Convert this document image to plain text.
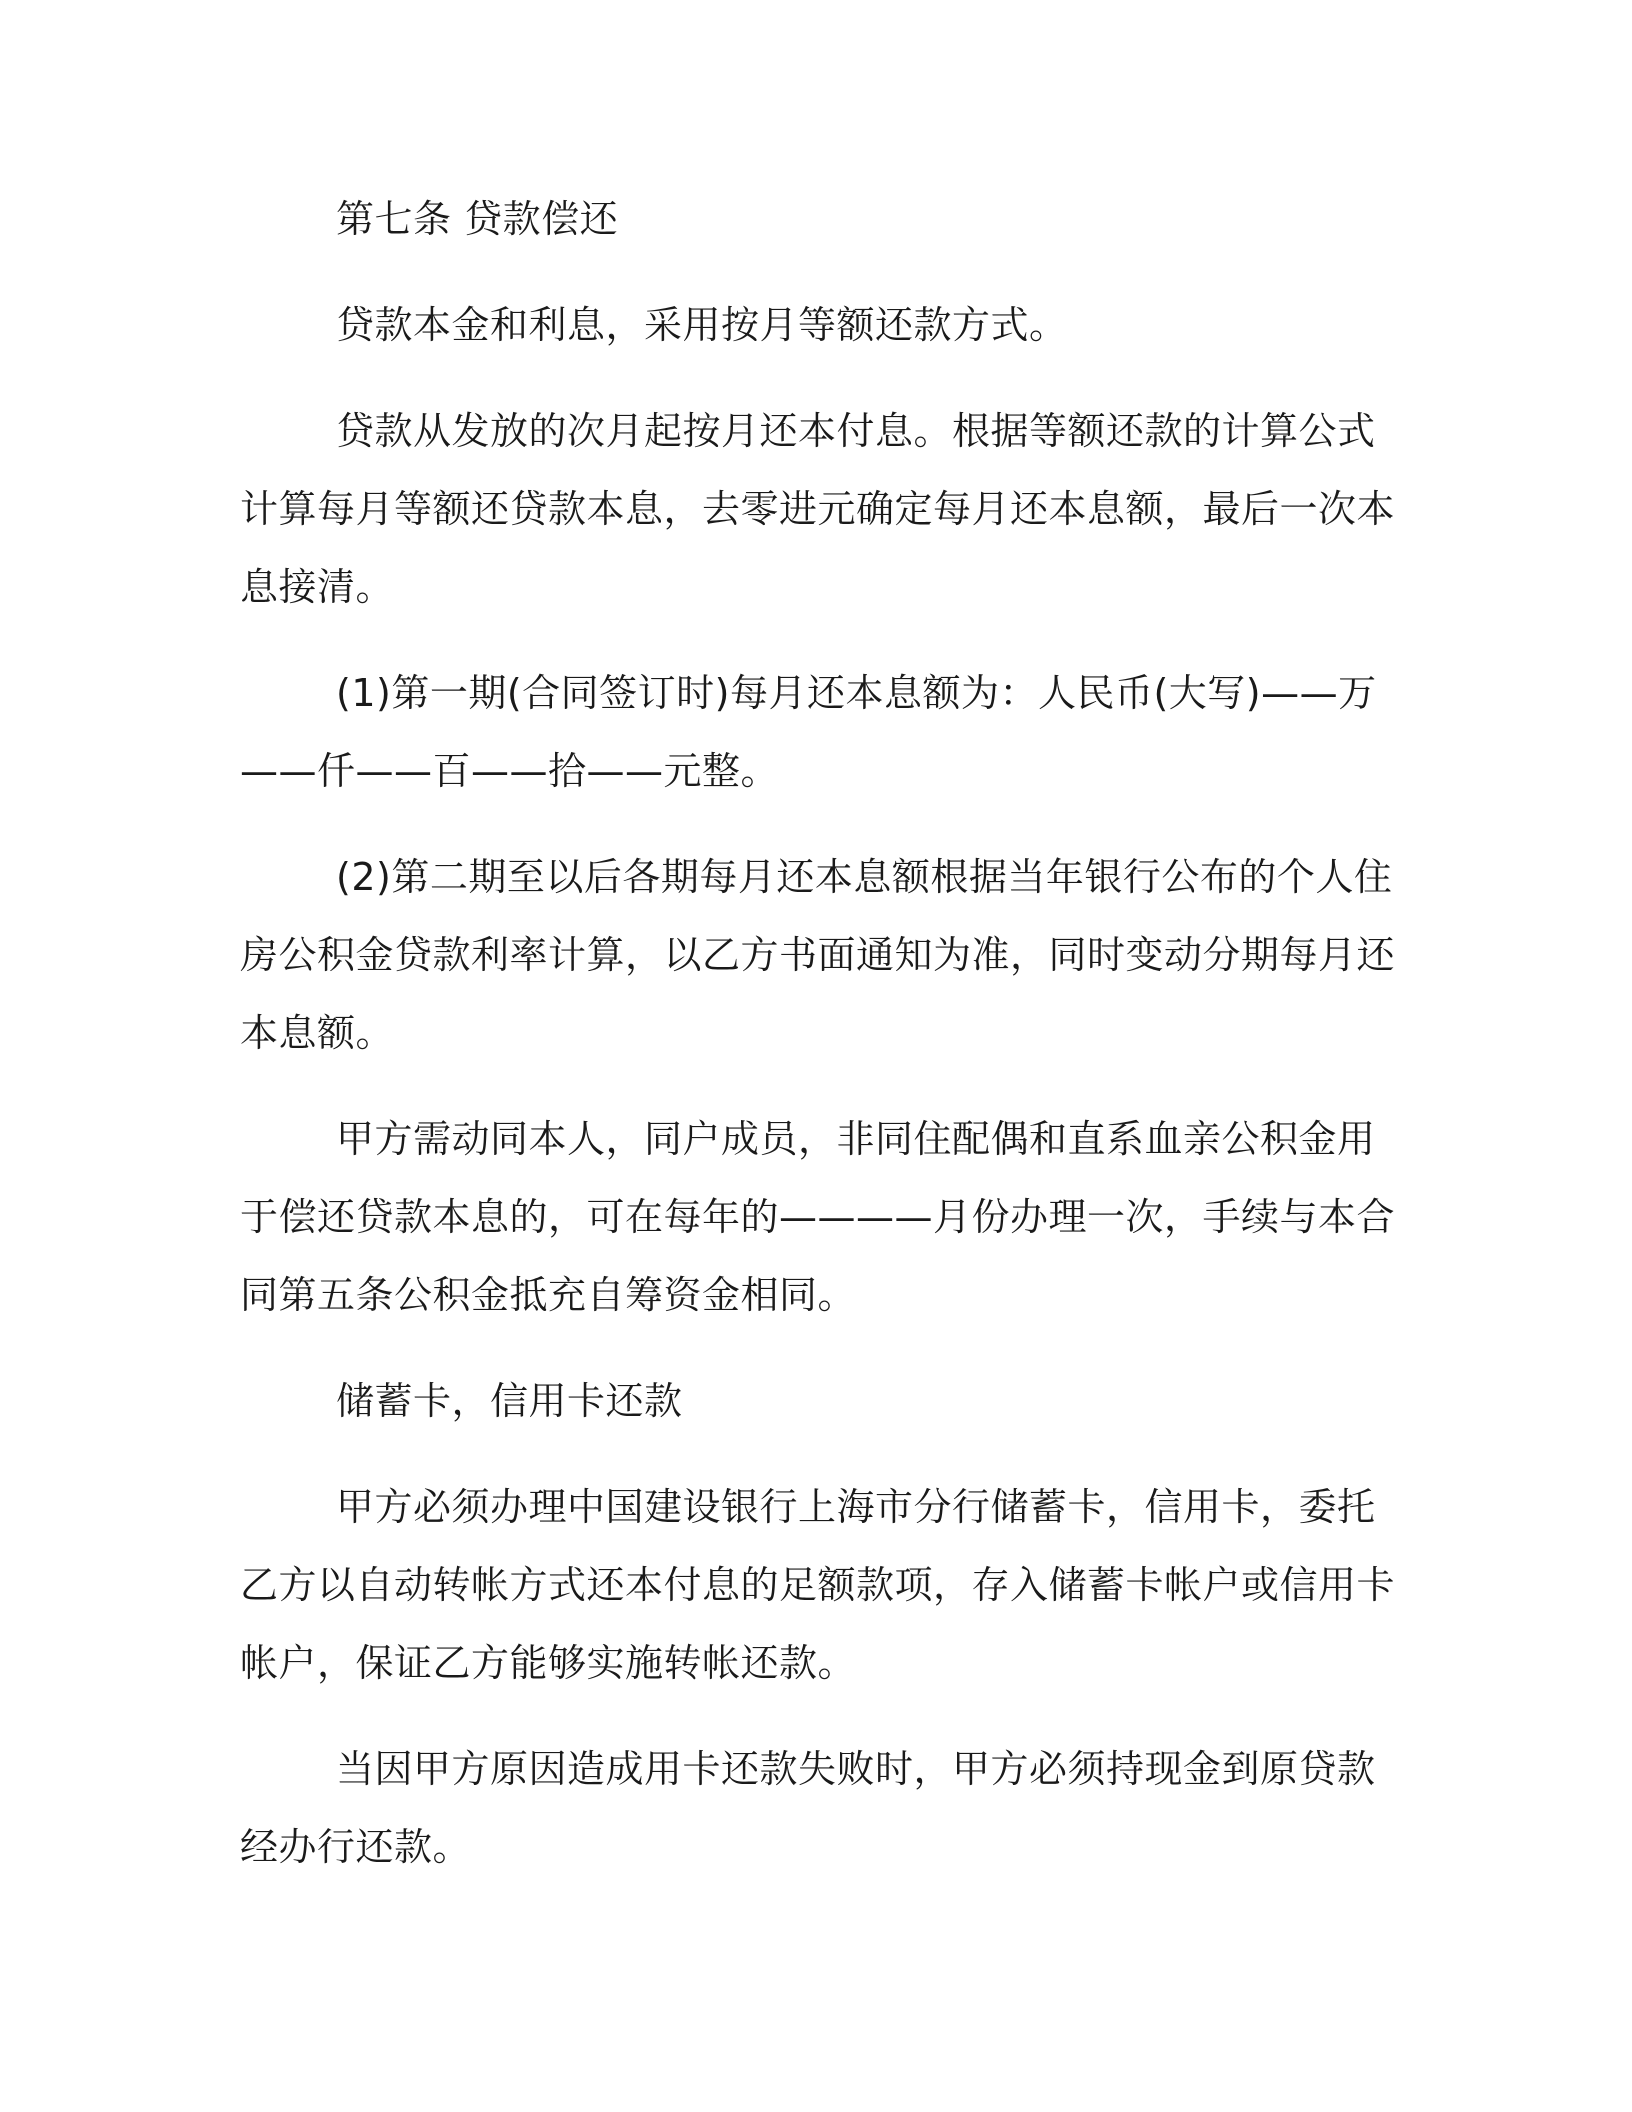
第七条 贷款偿还

贷款本金和利息，采用按月等额还款方式。

贷款从发放的次月起按月还本付息。根据等额还款的计算公式计算每月等额还贷款本息，去零进元确定每月还本息额，最后一次本息接清。

(1)第一期(合同签订时)每月还本息额为：人民币(大写)——万——仟——百——拾——元整。

(2)第二期至以后各期每月还本息额根据当年银行公布的个人住房公积金贷款利率计算，以乙方书面通知为准，同时变动分期每月还本息额。

甲方需动同本人，同户成员，非同住配偶和直系血亲公积金用于偿还贷款本息的，可在每年的————月份办理一次，手续与本合同第五条公积金抵充自筹资金相同。

储蓄卡，信用卡还款

甲方必须办理中国建设银行上海市分行储蓄卡，信用卡，委托乙方以自动转帐方式还本付息的足额款项，存入储蓄卡帐户或信用卡帐户，保证乙方能够实施转帐还款。

当因甲方原因造成用卡还款失败时，甲方必须持现金到原贷款经办行还款。
